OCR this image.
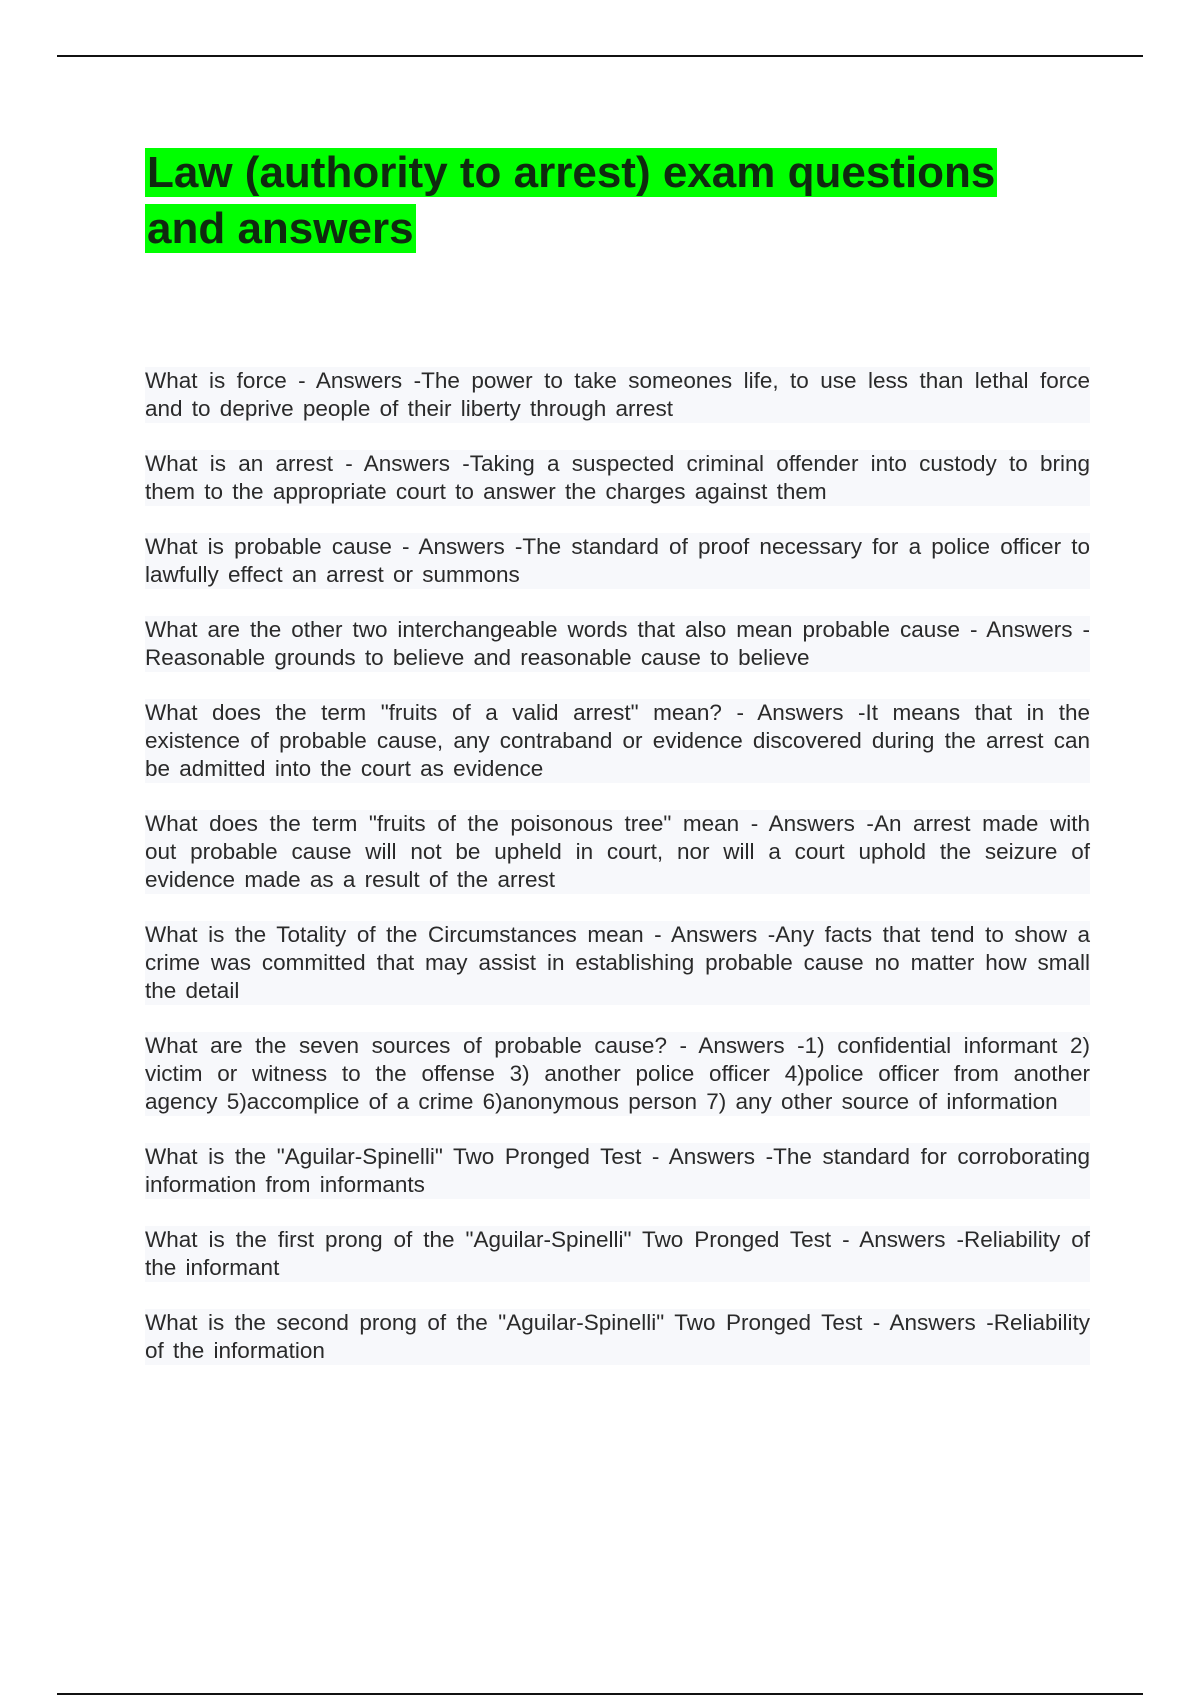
Law (authority to arrest) exam questions and answers
What is force - Answers -The power to take someones life, to use less than lethal force and to deprive people of their liberty through arrest
What is an arrest - Answers -Taking a suspected criminal offender into custody to bring them to the appropriate court to answer the charges against them
What is probable cause - Answers -The standard of proof necessary for a police officer to lawfully effect an arrest or summons
What are the other two interchangeable words that also mean probable cause - Answers -Reasonable grounds to believe and reasonable cause to believe
What does the term "fruits of a valid arrest" mean? - Answers -It means that in the existence of probable cause, any contraband or evidence discovered during the arrest can be admitted into the court as evidence
What does the term "fruits of the poisonous tree" mean - Answers -An arrest made with out probable cause will not be upheld in court, nor will a court uphold the seizure of evidence made as a result of the arrest
What is the Totality of the Circumstances mean - Answers -Any facts that tend to show a crime was committed that may assist in establishing probable cause no matter how small the detail
What are the seven sources of probable cause? - Answers -1) confidential informant 2) victim or witness to the offense 3) another police officer 4)police officer from another agency 5)accomplice of a crime 6)anonymous person 7) any other source of information
What is the "Aguilar-Spinelli" Two Pronged Test - Answers -The standard for corroborating information from informants
What is the first prong of the "Aguilar-Spinelli" Two Pronged Test - Answers -Reliability of the informant
What is the second prong of the "Aguilar-Spinelli" Two Pronged Test - Answers -Reliability of the information
